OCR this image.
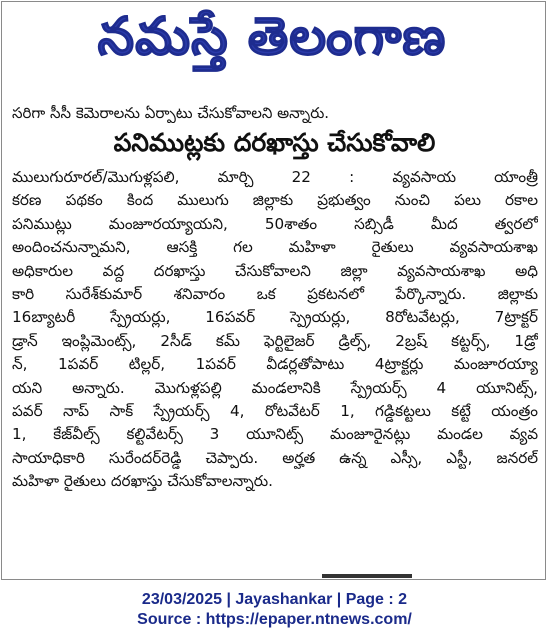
నమస్తే తెలంగాణ
సరిగా సీసీ కెమెరాలను ఏర్పాటు చేసుకోవాలని అన్నారు.
పనిముట్లకు దరఖాస్తు చేసుకోవాలి
ములుగురూరల్/మొగుళ్లపలి, మార్చి 22 : వ్యవసాయ యాంత్రీ
కరణ పథకం కింద ములుగు జిల్లాకు ప్రభుత్వం నుంచి పలు రకాల
పనిముట్లు మంజూరయ్యాయని, 50శాతం సబ్సిడీ మీద త్వరలో
అందించనున్నామని, ఆసక్తి గల మహిళా రైతులు వ్యవసాయశాఖ
అధికారుల వద్ద దరఖాస్తు చేసుకోవాలని జిల్లా వ్యవసాయశాఖ అధి
కారి సురేశ్‌కుమార్ శనివారం ఒక ప్రకటనలో పేర్కొన్నారు. జిల్లాకు
16బ్యాటరీ స్ప్రేయర్లు, 16పవర్ స్ప్రెయర్లు, 8రోటవేటర్లు, 7ట్రాక్టర్
డ్రాన్ ఇంప్లిమెంట్స్, 2సీడ్ కమ్ ఫెర్టిలైజర్ డ్రిల్స్, 2బ్రష్ కట్టర్స్, 1డ్రో
న్, 1పవర్ టిల్లర్, 1పవర్ వీడర్లతోపాటు 4ట్రాక్టర్లు మంజూరయ్యా
యని అన్నారు. మొగుళ్లపల్లి మండలానికి స్ప్రేయర్స్ 4 యూనిట్స్,
పవర్ నాప్ సాక్ స్ప్రేయర్స్ 4, రోటవేటర్ 1, గడ్డికట్టలు కట్టే యంత్రం
1, కేజ్‌వీల్స్ కల్టివేటర్స్ 3 యూనిట్స్ మంజూరైనట్లు మండల వ్యవ
సాయాధికారి సురేందర్‌రెడ్డి చెప్పారు. అర్హత ఉన్న ఎస్సీ, ఎస్టీ, జనరల్
మహిళా రైతులు దరఖాస్తు చేసుకోవాలన్నారు.
23/03/2025 | Jayashankar | Page : 2
Source : https://epaper.ntnews.com/
